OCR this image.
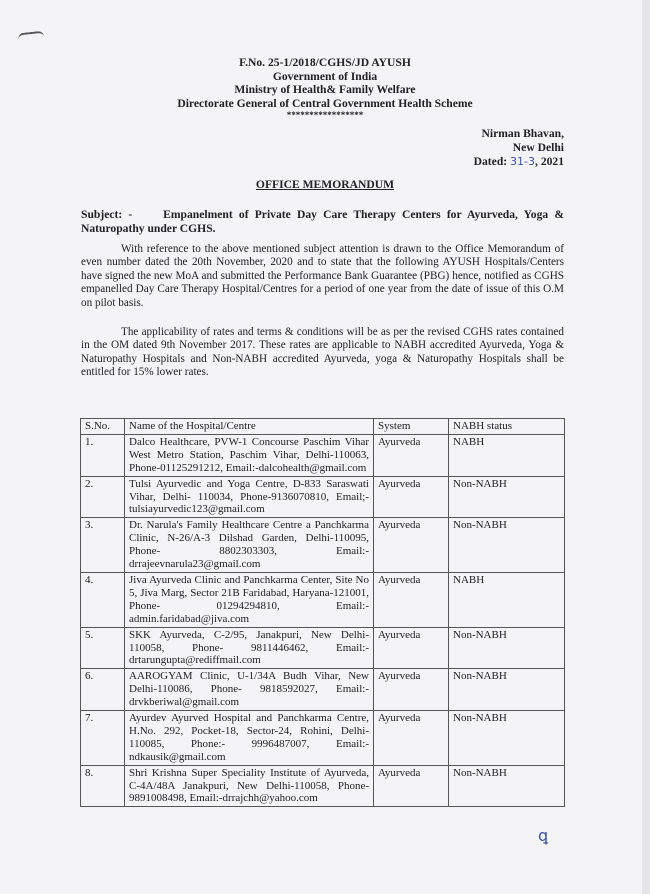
F.No. 25-1/2018/CGHS/JD AYUSH
Government of India
Ministry of Health& Family Welfare
Directorate General of Central Government Health Scheme
*****************
Nirman Bhavan,
New Delhi
Dated: 31-3, 2021
OFFICE MEMORANDUM
Subject: -	Empanelment of Private Day Care Therapy Centers for Ayurveda, Yoga & Naturopathy under CGHS.
With reference to the above mentioned subject attention is drawn to the Office Memorandum of even number dated the 20th November, 2020 and to state that the following AYUSH Hospitals/Centers have signed the new MoA and submitted the Performance Bank Guarantee (PBG) hence, notified as CGHS empanelled Day Care Therapy Hospital/Centres for a period of one year from the date of issue of this O.M on pilot basis.
The applicability of rates and terms & conditions will be as per the revised CGHS rates contained in the OM dated 9th November 2017. These rates are applicable to NABH accredited Ayurveda, Yoga & Naturopathy Hospitals and Non-NABH accredited Ayurveda, yoga & Naturopathy Hospitals shall be entitled for 15% lower rates.
S.No.	Name of the Hospital/Centre	System	NABH status
1.	Dalco Healthcare, PVW-1 Concourse Paschim Vihar West Metro Station, Paschim Vihar, Delhi-110063, Phone-01125291212, Email:-dalcohealth@gmail.com	Ayurveda	NABH
2.	Tulsi Ayurvedic and Yoga Centre, D-833 Saraswati Vihar, Delhi- 110034, Phone-9136070810, Email;-tulsiayurvedic123@gmail.com	Ayurveda	Non-NABH
3.	Dr. Narula's Family Healthcare Centre a Panchkarma Clinic, N-26/A-3 Dilshad Garden, Delhi-110095, Phone- 8802303303, Email:-drrajeevnarula23@gmail.com	Ayurveda	Non-NABH
4.	Jiva Ayurveda Clinic and Panchkarma Center, Site No 5, Jiva Marg, Sector 21B Faridabad, Haryana-121001, Phone- 01294294810, Email:-admin.faridabad@jiva.com	Ayurveda	NABH
5.	SKK Ayurveda, C-2/95, Janakpuri, New Delhi-110058, Phone- 9811446462, Email:-drtarungupta@rediffmail.com	Ayurveda	Non-NABH
6.	AAROGYAM Clinic, U-1/34A Budh Vihar, New Delhi-110086, Phone- 9818592027, Email:-drvkberiwal@gmail.com	Ayurveda	Non-NABH
7.	Ayurdev Ayurved Hospital and Panchkarma Centre, H.No. 292, Pocket-18, Sector-24, Rohini, Delhi-110085, Phone:- 9996487007, Email:-ndkausik@gmail.com	Ayurveda	Non-NABH
8.	Shri Krishna Super Speciality Institute of Ayurveda, C-4A/48A Janakpuri, New Delhi-110058, Phone- 9891008498, Email:-drrajchh@yahoo.com	Ayurveda	Non-NABH
ꝗ
